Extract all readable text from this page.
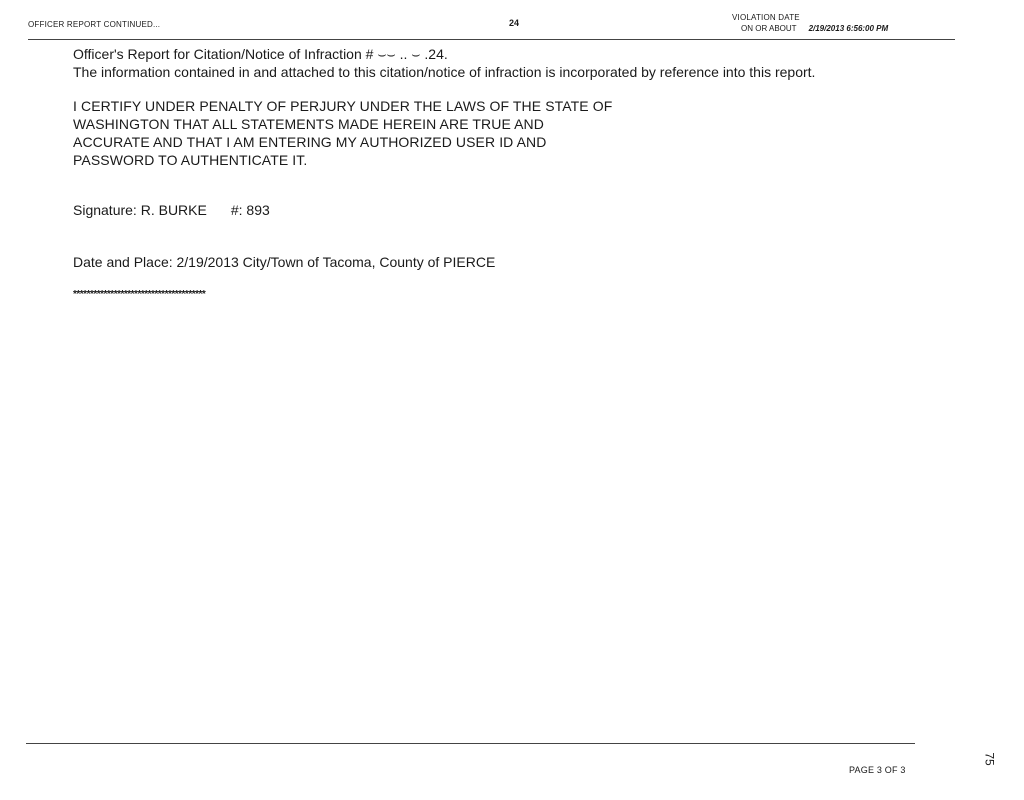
OFFICER REPORT CONTINUED...	24
VIOLATION DATE
ON OR ABOUT 2/19/2013 6:56:00 PM
Officer's Report for Citation/Notice of Infraction # ⌣⌣ .. ⌣ .24.
The information contained in and attached to this citation/notice of infraction is incorporated by reference into this report.
I CERTIFY UNDER PENALTY OF PERJURY UNDER THE LAWS OF THE STATE OF
WASHINGTON THAT ALL STATEMENTS MADE HEREIN ARE TRUE AND
ACCURATE AND THAT I AM ENTERING MY AUTHORIZED USER ID AND
PASSWORD TO AUTHENTICATE IT.
Signature: R. BURKE #: 893
Date and Place: 2/19/2013 City/Town of Tacoma, County of PIERCE
***************************************
PAGE 3 OF 3
75
